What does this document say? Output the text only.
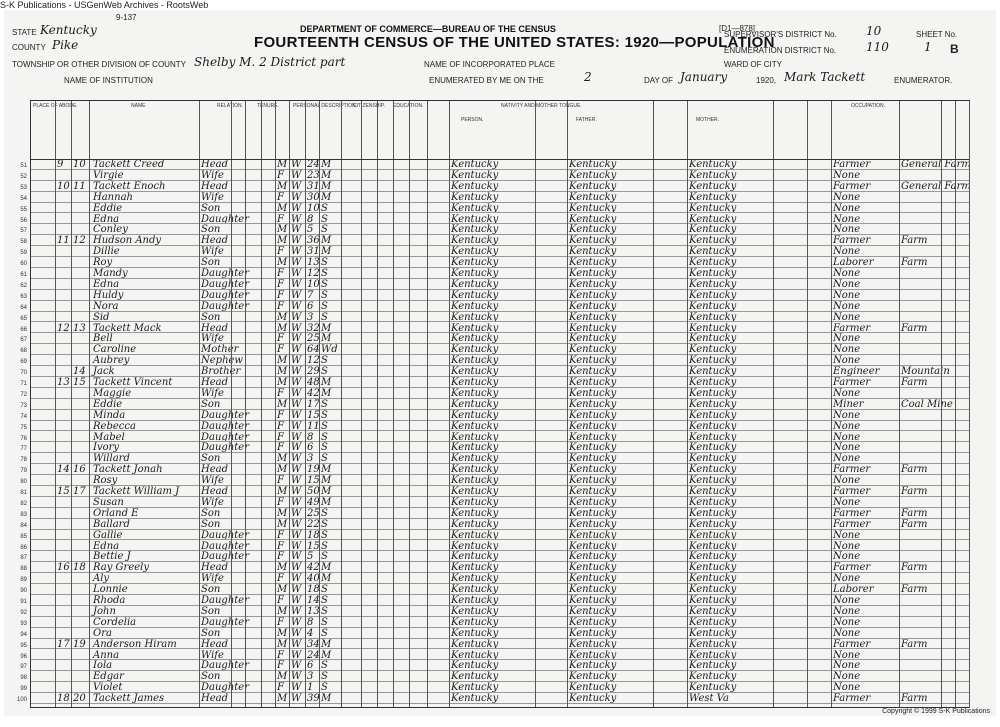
S-K Publications - USGenWeb Archives - RootsWeb
9-137
DEPARTMENT OF COMMERCE—BUREAU OF THE CENSUS
FOURTEENTH CENSUS OF THE UNITED STATES: 1920—POPULATION
[D1—878]
STATE Kentucky
COUNTY Pike
TOWNSHIP OR OTHER DIVISION OF COUNTY Shelby M. 2 District part	NAME OF INCORPORATED PLACE
NAME OF INSTITUTION	ENUMERATED BY ME ON THE	2	DAY OF January	1920, Mark Tackett	ENUMERATOR.
SUPERVISOR'S DISTRICT No. 10
ENUMERATION DISTRICT No. 110
SHEET No.
1 B
WARD OF CITY
PLACE OF ABODE.	NAME	RELATION.	TENURE.	PERSONAL DESCRIPTION.
CITIZENSHIP. EDUCATION.	NATIVITY AND MOTHER TONGUE.
PERSON.	FATHER.	MOTHER.
OCCUPATION.
51	9 10 Tackett Creed	Head	M W 24 M	Kentucky	Kentucky	Kentucky	Farmer	General Farm
52	Virgie	Wife	F W 23 M	Kentucky	Kentucky	Kentucky	None
53	10 11 Tackett Enoch	Head	M W 31 M	Kentucky	Kentucky	Kentucky	Farmer	General Farm
54	Hannah	Wife	F W 30 M	Kentucky	Kentucky	Kentucky	None
55	Eddie	Son	M W 10 S	Kentucky	Kentucky	Kentucky	None
56	Edna	Daughter	F W 8 S	Kentucky	Kentucky	Kentucky	None
57	Conley	Son	M W 5 S	Kentucky	Kentucky	Kentucky	None
58	11 12 Hudson Andy	Head	M W 36 M	Kentucky	Kentucky	Kentucky	Farmer	Farm
59	Dillie	Wife	F W 31 M	Kentucky	Kentucky	Kentucky	None
60	Roy	Son	M W 13 S	Kentucky	Kentucky	Kentucky	Laborer	Farm
61	Mandy	Daughter	F W 12 S	Kentucky	Kentucky	Kentucky	None
62	Edna	Daughter	F W 10 S	Kentucky	Kentucky	Kentucky	None
63	Huldy	Daughter	F W 7 S	Kentucky	Kentucky	Kentucky	None
64	Nora	Daughter	F W 6 S	Kentucky	Kentucky	Kentucky	None
65	Sid	Son	M W 3 S	Kentucky	Kentucky	Kentucky	None
66	12 13 Tackett Mack	Head	M W 32 M	Kentucky	Kentucky	Kentucky	Farmer	Farm
67	Bell	Wife	F W 25 M	Kentucky	Kentucky	Kentucky	None
68	Caroline	Mother	F W 64 Wd	Kentucky	Kentucky	Kentucky	None
69	Aubrey	Nephew	M W 12 S	Kentucky	Kentucky	Kentucky	None
70	14 Jack	Brother	M W 29 S	Kentucky	Kentucky	Kentucky	Engineer	Mountain
71	13 15 Tackett Vincent	Head	M W 48 M	Kentucky	Kentucky	Kentucky	Farmer	Farm
72	Maggie	Wife	F W 42 M	Kentucky	Kentucky	Kentucky	None
73	Eddie	Son	M W 17 S	Kentucky	Kentucky	Kentucky	Miner	Coal Mine
74	Minda	Daughter	F W 15 S	Kentucky	Kentucky	Kentucky	None
75	Rebecca	Daughter	F W 11 S	Kentucky	Kentucky	Kentucky	None
76	Mabel	Daughter	F W 8 S	Kentucky	Kentucky	Kentucky	None
77	Ivory	Daughter	F W 6 S	Kentucky	Kentucky	Kentucky	None
78	Willard	Son	M W 3 S	Kentucky	Kentucky	Kentucky	None
79	14 16 Tackett Jonah	Head	M W 19 M	Kentucky	Kentucky	Kentucky	Farmer	Farm
80	Rosy	Wife	F W 15 M	Kentucky	Kentucky	Kentucky	None
81	15 17 Tackett William J	Head	M W 50 M	Kentucky	Kentucky	Kentucky	Farmer	Farm
82	Susan	Wife	F W 49 M	Kentucky	Kentucky	Kentucky	None
83	Orland E	Son	M W 25 S	Kentucky	Kentucky	Kentucky	Farmer	Farm
84	Ballard	Son	M W 22 S	Kentucky	Kentucky	Kentucky	Farmer	Farm
85	Gallie	Daughter	F W 18 S	Kentucky	Kentucky	Kentucky	None
86	Edna	Daughter	F W 15 S	Kentucky	Kentucky	Kentucky	None
87	Bettie J	Daughter	F W 5 S	Kentucky	Kentucky	Kentucky	None
88	16 18 Ray Greely	Head	M W 42 M	Kentucky	Kentucky	Kentucky	Farmer	Farm
89	Aly	Wife	F W 40 M	Kentucky	Kentucky	Kentucky	None
90	Lonnie	Son	M W 18 S	Kentucky	Kentucky	Kentucky	Laborer	Farm
91	Rhoda	Daughter	F W 14 S	Kentucky	Kentucky	Kentucky	None
92	John	Son	M W 13 S	Kentucky	Kentucky	Kentucky	None
93	Cordelia	Daughter	F W 8 S	Kentucky	Kentucky	Kentucky	None
94	Ora	Son	M W 4 S	Kentucky	Kentucky	Kentucky	None
95	17 19 Anderson Hiram	Head	M W 34 M	Kentucky	Kentucky	Kentucky	Farmer	Farm
96	Anna	Wife	F W 24 M	Kentucky	Kentucky	Kentucky	None
97	Iola	Daughter	F W 6 S	Kentucky	Kentucky	Kentucky	None
98	Edgar	Son	M W 3 S	Kentucky	Kentucky	Kentucky	None
99	Violet	Daughter	F W 1 S	Kentucky	Kentucky	Kentucky	None
100	18 20 Tackett James	Head	M W 39 M	Kentucky	Kentucky	West Va	Farmer	Farm
Copyright © 1999 S-K Publications
